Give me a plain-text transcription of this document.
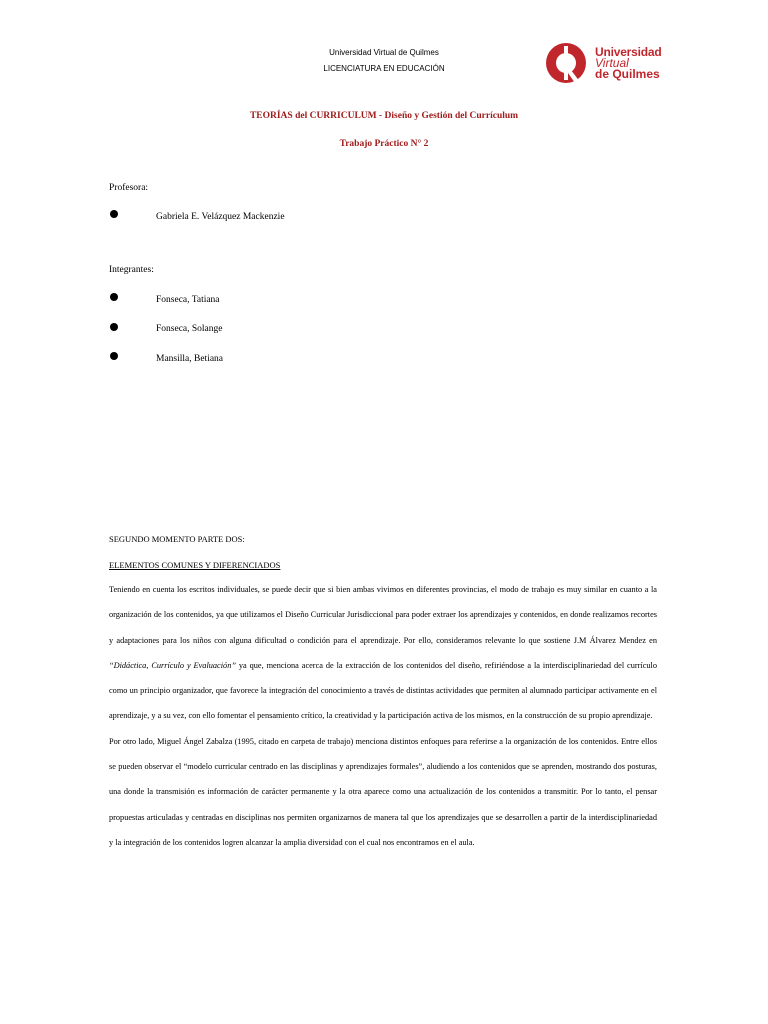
Universidad Virtual de Quilmes
LICENCIATURA EN EDUCACIÓN
Universidad
Virtual
de Quilmes
TEORÍAS del CURRICULUM - Diseño y Gestión del Currículum
Trabajo Práctico N° 2
Profesora:
Gabriela E. Velázquez Mackenzie
Integrantes:
Fonseca, Tatiana
Fonseca, Solange
Mansilla, Betiana
SEGUNDO MOMENTO PARTE DOS:
ELEMENTOS COMUNES Y DIFERENCIADOS

Teniendo en cuenta los escritos individuales, se puede decir que si bien ambas vivimos en diferentes provincias, el modo de trabajo es muy similar en cuanto a la organización de los contenidos, ya que utilizamos el Diseño Curricular Jurisdiccional para poder extraer los aprendizajes y contenidos, en donde realizamos recortes y adaptaciones para los niños con alguna dificultad o condición para el aprendizaje. Por ello, consideramos relevante lo que sostiene J.M Álvarez Mendez en “Didáctica, Currículo y Evaluación” ya que, menciona acerca de la extracción de los contenidos del diseño, refiriéndose a la interdisciplinariedad del currículo como un principio organizador, que favorece la integración del conocimiento a través de distintas actividades que permiten al alumnado participar activamente en el aprendizaje, y a su vez, con ello fomentar el pensamiento crítico, la creatividad y la participación activa de los mismos, en la construcción de su propio aprendizaje.

Por otro lado, Miguel Ángel Zabalza (1995, citado en carpeta de trabajo) menciona distintos enfoques para referirse a la organización de los contenidos. Entre ellos se pueden observar el “modelo curricular centrado en las disciplinas y aprendizajes formales”, aludiendo a los contenidos que se aprenden, mostrando dos posturas, una donde la transmisión es información de carácter permanente y la otra aparece como una actualización de los contenidos a transmitir. Por lo tanto, el pensar propuestas articuladas y centradas en disciplinas nos permiten organizarnos de manera tal que los aprendizajes que se desarrollen a partir de la interdisciplinariedad y la integración de los contenidos logren alcanzar la amplia diversidad con el cual nos encontramos en el aula.
